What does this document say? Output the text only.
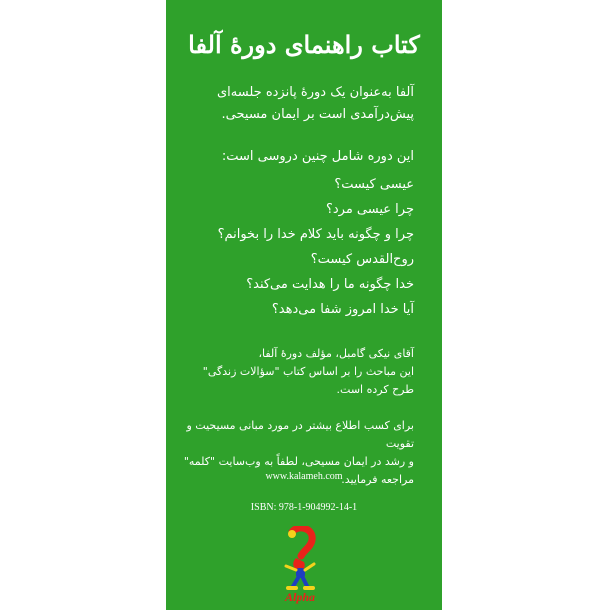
کتاب راهنمای دورهٔ آلفا
آلفا به‌عنوان یک دورهٔ پانزده جلسه‌ای
پیش‌درآمدی است بر ایمان مسیحی.
این دوره شامل چنین دروسی است:
عیسی کیست؟
چرا عیسی مرد؟
چرا و چگونه باید کلام خدا را بخوانم؟
روح‌القدس کیست؟
خدا چگونه ما را هدایت می‌کند؟
آیا خدا امروز شفا می‌دهد؟
آقای نیکی گامبل، مؤلف دورهٔ آلفا،
این مباحث را بر اساس کتاب "سؤالات زندگی" طرح کرده است.
برای کسب اطلاع بیشتر در مورد مبانی مسیحیت و تقویت
و رشد در ایمان مسیحی، لطفاً به وب‌سایت "کلمه" مراجعه فرمایید.
www.kalameh.com
ISBN: 978-1-904992-14-1
Alpha
